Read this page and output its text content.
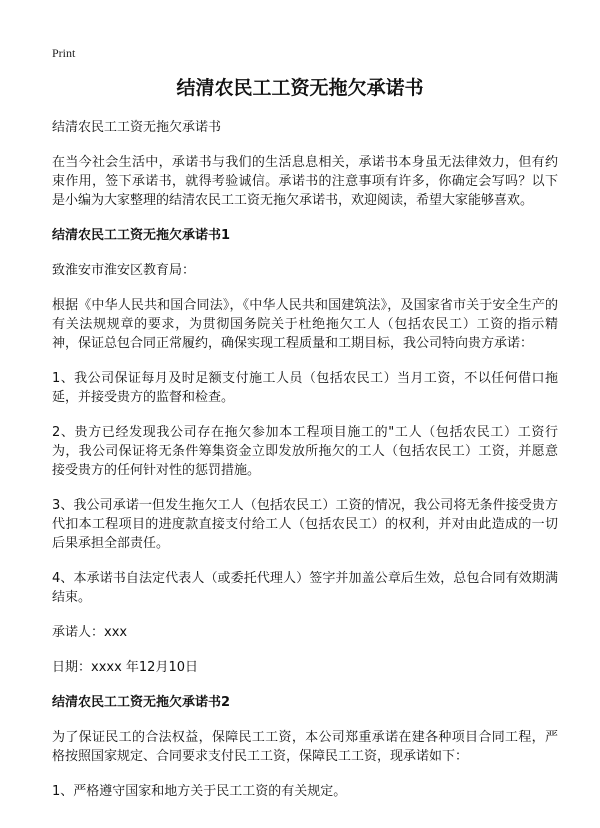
Print
结清农民工工资无拖欠承诺书

结清农民工工资无拖欠承诺书

在当今社会生活中，承诺书与我们的生活息息相关，承诺书本身虽无法律效力，但有约束作用，签下承诺书，就得考验诚信。承诺书的注意事项有许多，你确定会写吗？以下是小编为大家整理的结清农民工工资无拖欠承诺书，欢迎阅读，希望大家能够喜欢。

结清农民工工资无拖欠承诺书1

致淮安市淮安区教育局：

根据《中华人民共和国合同法》，《中华人民共和国建筑法》，及国家省市关于安全生产的有关法规规章的要求，为贯彻国务院关于杜绝拖欠工人（包括农民工）工资的指示精神，保证总包合同正常履约，确保实现工程质量和工期目标，我公司特向贵方承诺：

1、我公司保证每月及时足额支付施工人员（包括农民工）当月工资，不以任何借口拖延，并接受贵方的监督和检查。

2、贵方已经发现我公司存在拖欠参加本工程项目施工的"工人（包括农民工）工资行为，我公司保证将无条件筹集资金立即发放所拖欠的工人（包括农民工）工资，并愿意接受贵方的任何针对性的惩罚措施。

3、我公司承诺一但发生拖欠工人（包括农民工）工资的情况，我公司将无条件接受贵方代扣本工程项目的进度款直接支付给工人（包括农民工）的权利，并对由此造成的一切后果承担全部责任。

4、本承诺书自法定代表人（或委托代理人）签字并加盖公章后生效，总包合同有效期满结束。

承诺人：xxx

日期：xxxx 年12月10日

结清农民工工资无拖欠承诺书2

为了保证民工的合法权益，保障民工工资，本公司郑重承诺在建各种项目合同工程，严格按照国家规定、合同要求支付民工工资，保障民工工资，现承诺如下：

1、严格遵守国家和地方关于民工工资的有关规定。
